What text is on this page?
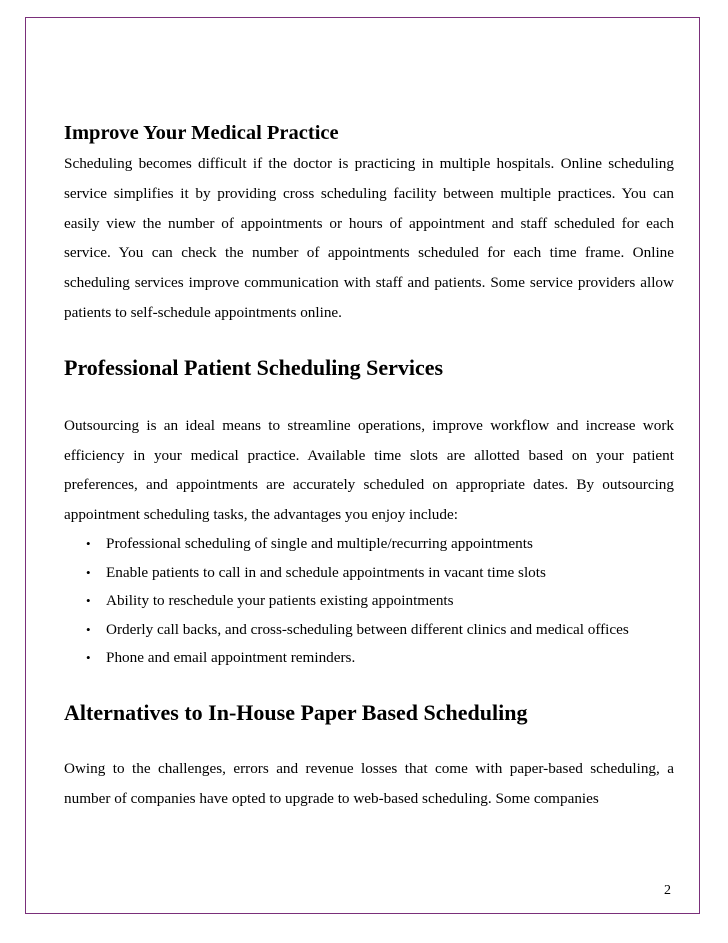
Improve Your Medical Practice

Scheduling becomes difficult if the doctor is practicing in multiple hospitals. Online scheduling service simplifies it by providing cross scheduling facility between multiple practices. You can easily view the number of appointments or hours of appointment and staff scheduled for each service. You can check the number of appointments scheduled for each time frame. Online scheduling services improve communication with staff and patients. Some service providers allow patients to self-schedule appointments online.

Professional Patient Scheduling Services

Outsourcing is an ideal means to streamline operations, improve workflow and increase work efficiency in your medical practice. Available time slots are allotted based on your patient preferences, and appointments are accurately scheduled on appropriate dates. By outsourcing appointment scheduling tasks, the advantages you enjoy include:

• Professional scheduling of single and multiple/recurring appointments
• Enable patients to call in and schedule appointments in vacant time slots
• Ability to reschedule your patients existing appointments
• Orderly call backs, and cross-scheduling between different clinics and medical offices
• Phone and email appointment reminders.
Alternatives to In-House Paper Based Scheduling

Owing to the challenges, errors and revenue losses that come with paper-based scheduling, a number of companies have opted to upgrade to web-based scheduling. Some companies

2
